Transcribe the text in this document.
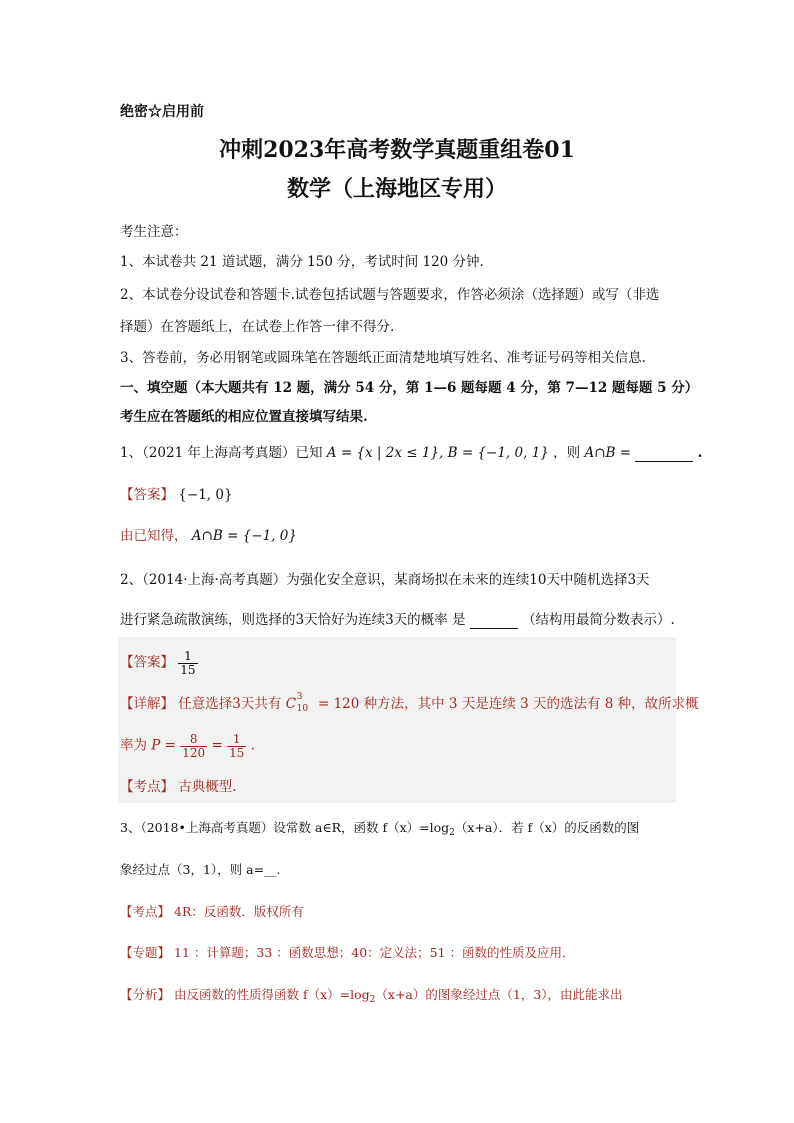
绝密☆启用前
冲刺2023年高考数学真题重组卷01
数学（上海地区专用）
考生注意：
1、本试卷共 21 道试题，满分 150 分，考试时间 120 分钟.
2、本试卷分设试卷和答题卡.试卷包括试题与答题要求，作答必须涂（选择题）或写（非选
择题）在答题纸上，在试卷上作答一律不得分.
3、答卷前，务必用钢笔或圆珠笔在答题纸正面清楚地填写姓名、准考证号码等相关信息.
一、填空题（本大题共有 12 题，满分 54 分，第 1—6 题每题 4 分，第 7—12 题每题 5 分）
考生应在答题纸的相应位置直接填写结果.
1、（2021 年上海高考真题）已知 A = {x | 2x ≤ 1}, B = {−1, 0, 1} ，则 A∩B =	.
【答案】 {−1, 0}
由已知得， A∩B = {−1, 0}
2、（2014·上海·高考真题）为强化安全意识，某商场拟在未来的连续10天中随机选择3天
进行紧急疏散演练，则选择的3天恰好为连续3天的概率 是	（结构用最简分数表示）.
【答案】 $\frac{1}{15}$
【详解】 任意选择3天共有 C 3
10 = 120 种方法，其中 3 天是连续 3 天的选法有 8 种，故所求概
率为 $P = \frac{8}{120} = \frac{1}{15}$ .
【考点】 古典概型.
3、（2018•上海高考真题）设常数 a∈R，函数 $f(x)=\log_2(x+a)$．若 f（x）的反函数的图
象经过点（3，1），则 a=__.
【考点】 4R：反函数．版权所有
【专题】 11 ：计算题；33 ：函数思想；40：定义法；51 ：函数的性质及应用．
【分析】 由反函数的性质得函数 $f(x)=\log_2(x+a)$的图象经过点（1，3），由此能求出
